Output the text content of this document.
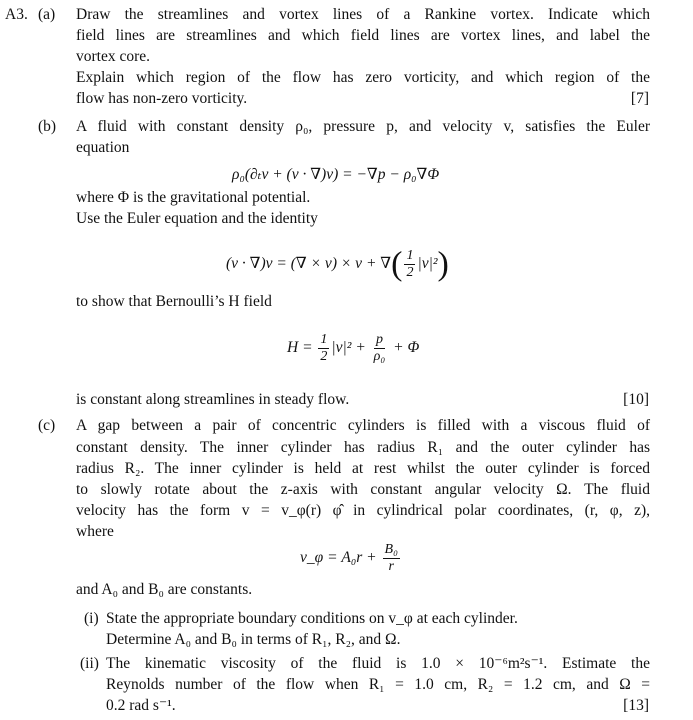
A3. (a) Draw the streamlines and vortex lines of a Rankine vortex. Indicate which
field lines are streamlines and which field lines are vortex lines, and label the
vortex core.
Explain which region of the flow has zero vorticity, and which region of the
flow has non-zero vorticity.	[7]
(b) A fluid with constant density ρ₀, pressure p, and velocity v, satisfies the Euler
equation
ρ₀(∂ₜv + (v · ∇)v) = −∇p − ρ₀∇Φ
where Φ is the gravitational potential.
Use the Euler equation and the identity
(v · ∇)v = (∇ × v) × v + ∇( $\frac{1}{2} |v|^2$)
to show that Bernoulli’s H field
$H = \frac{1}{2} |v|^2 + \frac{p}{\text{ρ₀}} + \Phi$
is constant along streamlines in steady flow.	[10]
(c) A gap between a pair of concentric cylinders is filled with a viscous fluid of
constant density. The inner cylinder has radius R₁ and the outer cylinder has
radius R₂. The inner cylinder is held at rest whilst the outer cylinder is forced
to slowly rotate about the z-axis with constant angular velocity Ω. The fluid
velocity has the form v = v_φ(r) φ̂ in cylindrical polar coordinates, (r, φ, z),
where
v_φ = $A_0r + \frac{\text{B₀}}{r}$
and A₀ and B₀ are constants.
(i) State the appropriate boundary conditions on v_φ at each cylinder.
Determine A₀ and B₀ in terms of R₁, R₂, and Ω.
(ii) The kinematic viscosity of the fluid is 1.0 × 10⁻⁶m²s⁻¹. Estimate the
Reynolds number of the flow when R₁ = 1.0 cm, R₂ = 1.2 cm, and Ω =
0.2 rad s⁻¹.	[13]
